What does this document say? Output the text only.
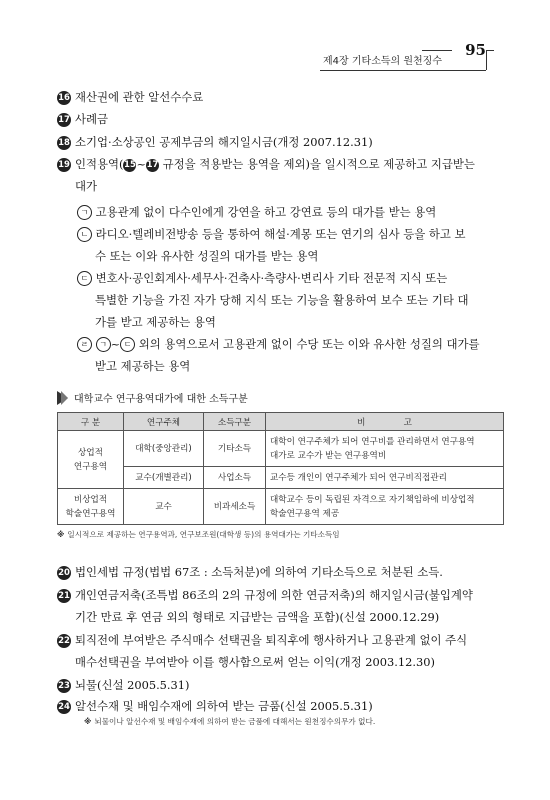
제4장 기타소득의 원천징수
95
16 재산권에 관한 알선수수료
17 사례금
18 소기업·소상공인 공제부금의 해지일시금(개정 2007.12.31)
19 인적용역(15~17 규정을 적용받는 용역을 제외)을 일시적으로 제공하고 지급받는
대가
ㄱ 고용관계 없이 다수인에게 강연을 하고 강연료 등의 대가를 받는 용역
ㄴ 라디오·텔레비전방송 등을 통하여 해설·계몽 또는 연기의 심사 등을 하고 보
수 또는 이와 유사한 성질의 대가를 받는 용역
ㄷ 변호사·공인회계사·세무사·건축사·측량사·변리사 기타 전문적 지식 또는
특별한 기능을 가진 자가 당해 지식 또는 기능을 활용하여 보수 또는 기타 대
가를 받고 제공하는 용역
ㄹ ㄱ ~ ㄷ 외의 용역으로서 고용관계 없이 수당 또는 이와 유사한 성질의 대가를
받고 제공하는 용역
대학교수 연구용역대가에 대한 소득구분
구 분	연구주체	소득구분	비              고
상업적
연구용역	대학(중앙관리)	기타소득	대학이 연구주체가 되어 연구비를 관리하면서 연구용역
대가로 교수가 받는 연구용역비
	교수(개별관리)	사업소득	교수등 개인이 연구주체가 되어 연구비직접관리
비상업적
학술연구용역	교수	비과세소득	대학교수 등이 독립된 자격으로 자기책임하에 비상업적
학술연구용역 제공
※ 일시적으로 제공하는 연구용역과, 연구보조원(대학생 등)의 용역대가는 기타소득임
20 법인세법 규정(법법 67조 : 소득처분)에 의하여 기타소득으로 처분된 소득.
21 개인연금저축(조특법 86조의 2의 규정에 의한 연금저축)의 해지일시금(불입계약
기간 만료 후 연금 외의 형태로 지급받는 금액을 포함)(신설 2000.12.29)
22 퇴직전에 부여받은 주식매수 선택권을 퇴직후에 행사하거나 고용관계 없이 주식
매수선택권을 부여받아 이를 행사함으로써 얻는 이익(개정 2003.12.30)
23 뇌물(신설 2005.5.31)
24 알선수재 및 배임수재에 의하여 받는 금품(신설 2005.5.31)
※ 뇌물이나 알선수재 및 배임수재에 의하여 받는 금품에 대해서는 원천징수의무가 없다.
